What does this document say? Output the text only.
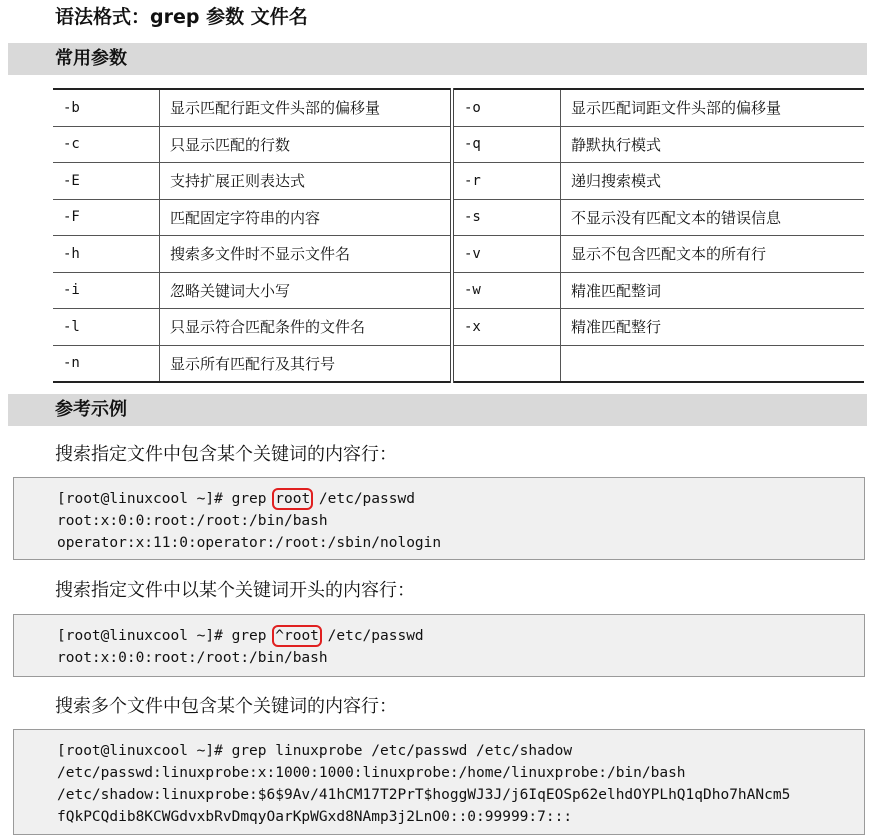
语法格式：grep 参数 文件名
常用参数
-b	显示匹配行距文件头部的偏移量	-o	显示匹配词距文件头部的偏移量
-c	只显示匹配的行数	-q	静默执行模式
-E	支持扩展正则表达式	-r	递归搜索模式
-F	匹配固定字符串的内容	-s	不显示没有匹配文本的错误信息
-h	搜索多文件时不显示文件名	-v	显示不包含匹配文本的所有行
-i	忽略关键词大小写	-w	精准匹配整词
-l	只显示符合匹配条件的文件名	-x	精准匹配整行
-n	显示所有匹配行及其行号		
参考示例
搜索指定文件中包含某个关键词的内容行：
[root@linuxcool ~]# grep root /etc/passwd
root:x:0:0:root:/root:/bin/bash
operator:x:11:0:operator:/root:/sbin/nologin
搜索指定文件中以某个关键词开头的内容行：
[root@linuxcool ~]# grep ^root /etc/passwd
root:x:0:0:root:/root:/bin/bash
搜索多个文件中包含某个关键词的内容行：
[root@linuxcool ~]# grep linuxprobe /etc/passwd /etc/shadow
/etc/passwd:linuxprobe:x:1000:1000:linuxprobe:/home/linuxprobe:/bin/bash
/etc/shadow:linuxprobe:$6$9Av/41hCM17T2PrT$hoggWJ3J/j6IqEOSp62elhdOYPLhQ1qDho7hANcm5
fQkPCQdib8KCWGdvxbRvDmqyOarKpWGxd8NAmp3j2LnO0::0:99999:7:::
